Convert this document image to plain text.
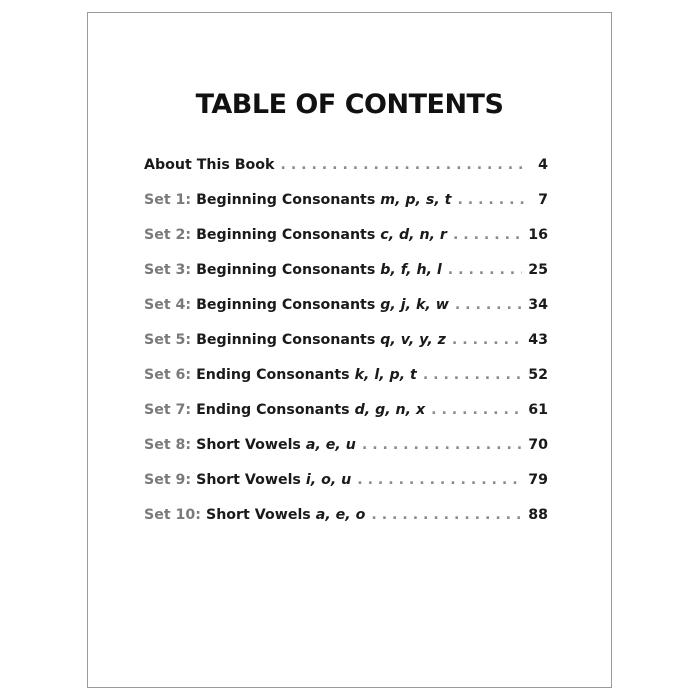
TABLE OF CONTENTS
About This Book . . .	4
Set 1: Beginning Consonants m, p, s, t . . .	7
Set 2: Beginning Consonants c, d, n, r . . .	16
Set 3: Beginning Consonants b, f, h, l . . .	25
Set 4: Beginning Consonants g, j, k, w . . .	34
Set 5: Beginning Consonants q, v, y, z . . .	43
Set 6: Ending Consonants k, l, p, t . . .	52
Set 7: Ending Consonants d, g, n, x . . .	61
Set 8: Short Vowels a, e, u . . .	70
Set 9: Short Vowels i, o, u . . .	79
Set 10: Short Vowels a, e, o . . .	88
